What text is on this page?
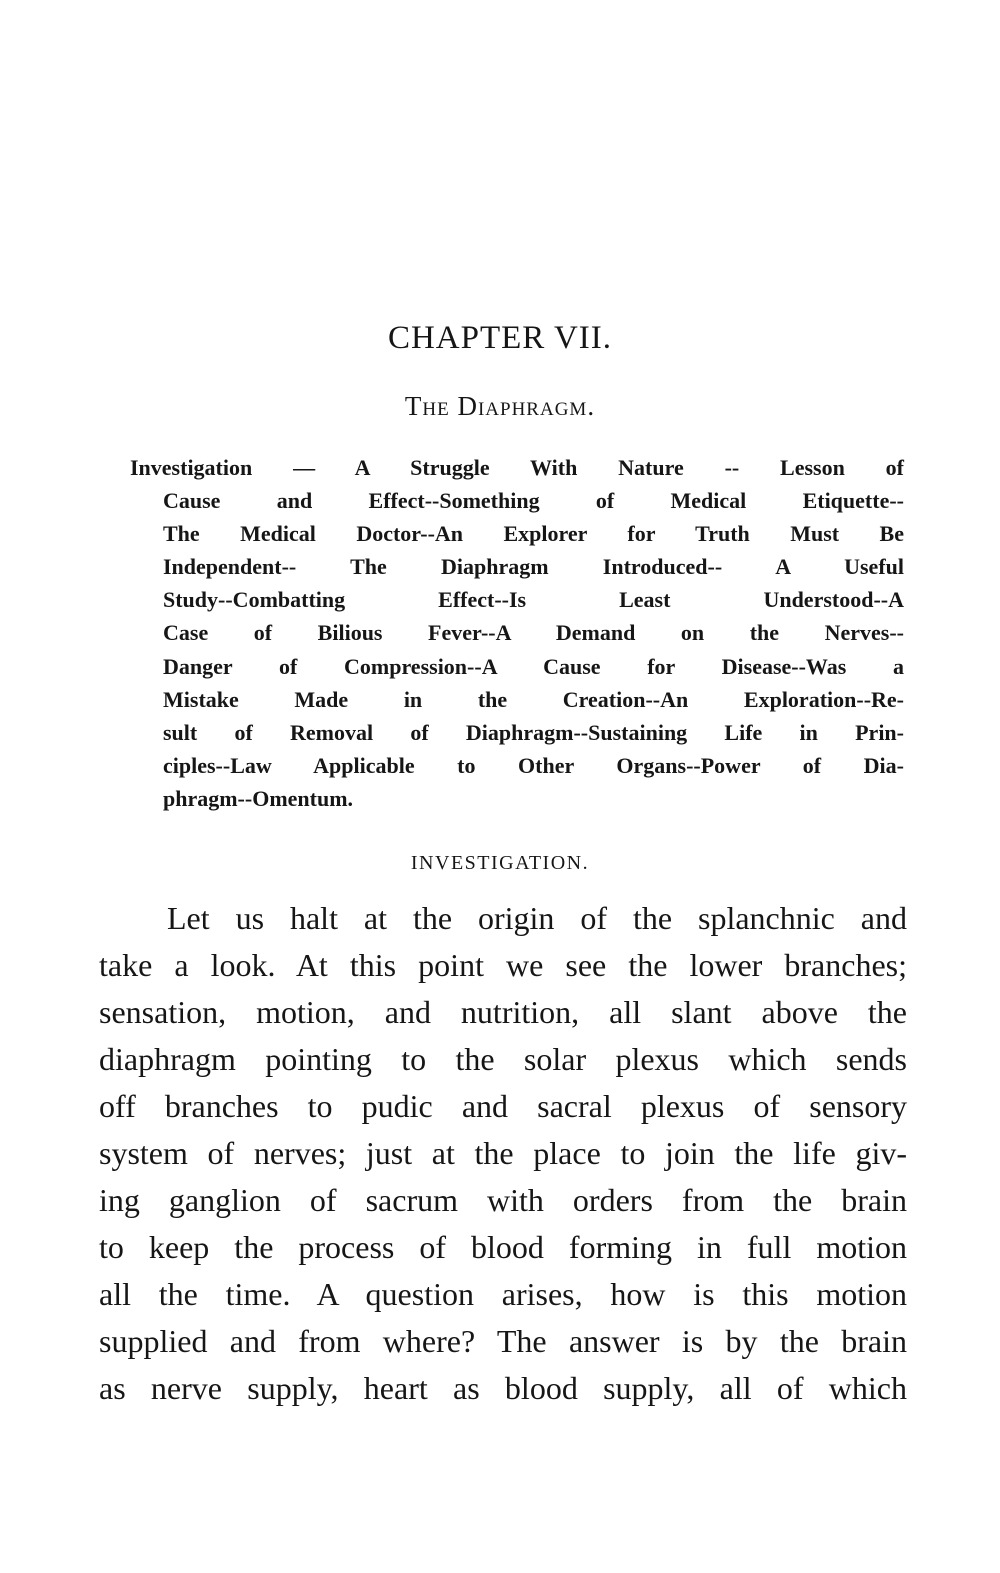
CHAPTER VII.
The Diaphragm.

Investigation — A Struggle With Nature -- Lesson of
Cause and Effect--Something of Medical Etiquette--
The Medical Doctor--An Explorer for Truth Must Be
Independent-- The Diaphragm Introduced-- A Useful
Study--Combatting Effect--Is Least Understood--A
Case of Bilious Fever--A Demand on the Nerves--
Danger of Compression--A Cause for Disease--Was a
Mistake Made in the Creation--An Exploration--Re-
sult of Removal of Diaphragm--Sustaining Life in Prin-
ciples--Law Applicable to Other Organs--Power of Dia-
phragm--Omentum.

INVESTIGATION.

Let us halt at the origin of the splanchnic and
take a look. At this point we see the lower branches;
sensation, motion, and nutrition, all slant above the
diaphragm pointing to the solar plexus which sends
off branches to pudic and sacral plexus of sensory
system of nerves; just at the place to join the life giv-
ing ganglion of sacrum with orders from the brain
to keep the process of blood forming in full motion
all the time. A question arises, how is this motion
supplied and from where? The answer is by the brain
as nerve supply, heart as blood supply, all of which
